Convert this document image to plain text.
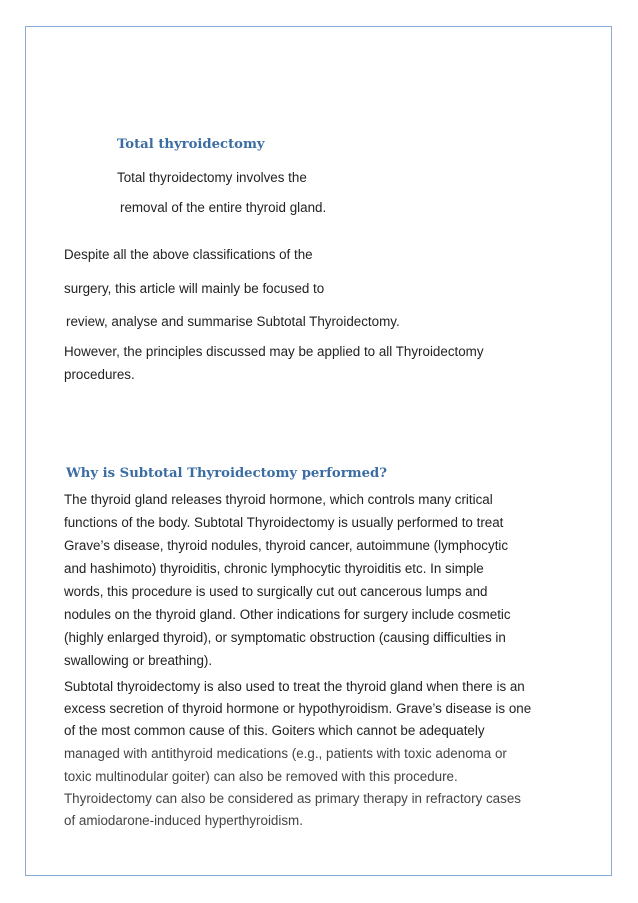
Total thyroidectomy
Total thyroidectomy involves the
removal of the entire thyroid gland.
Despite all the above classifications of the
surgery, this article will mainly be focused to
review, analyse and summarise Subtotal Thyroidectomy.
However, the principles discussed may be applied to all Thyroidectomy
procedures.
Why is Subtotal Thyroidectomy performed?
The thyroid gland releases thyroid hormone, which controls many critical
functions of the body. Subtotal Thyroidectomy is usually performed to treat
Grave’s disease, thyroid nodules, thyroid cancer, autoimmune (lymphocytic
and hashimoto) thyroiditis, chronic lymphocytic thyroiditis etc. In simple
words, this procedure is used to surgically cut out cancerous lumps and
nodules on the thyroid gland. Other indications for surgery include cosmetic
(highly enlarged thyroid), or symptomatic obstruction (causing difficulties in
swallowing or breathing).
Subtotal thyroidectomy is also used to treat the thyroid gland when there is an
excess secretion of thyroid hormone or hypothyroidism. Grave’s disease is one
of the most common cause of this. Goiters which cannot be adequately
managed with antithyroid medications (e.g., patients with toxic adenoma or
toxic multinodular goiter) can also be removed with this procedure.
Thyroidectomy can also be considered as primary therapy in refractory cases
of amiodarone-induced hyperthyroidism.
